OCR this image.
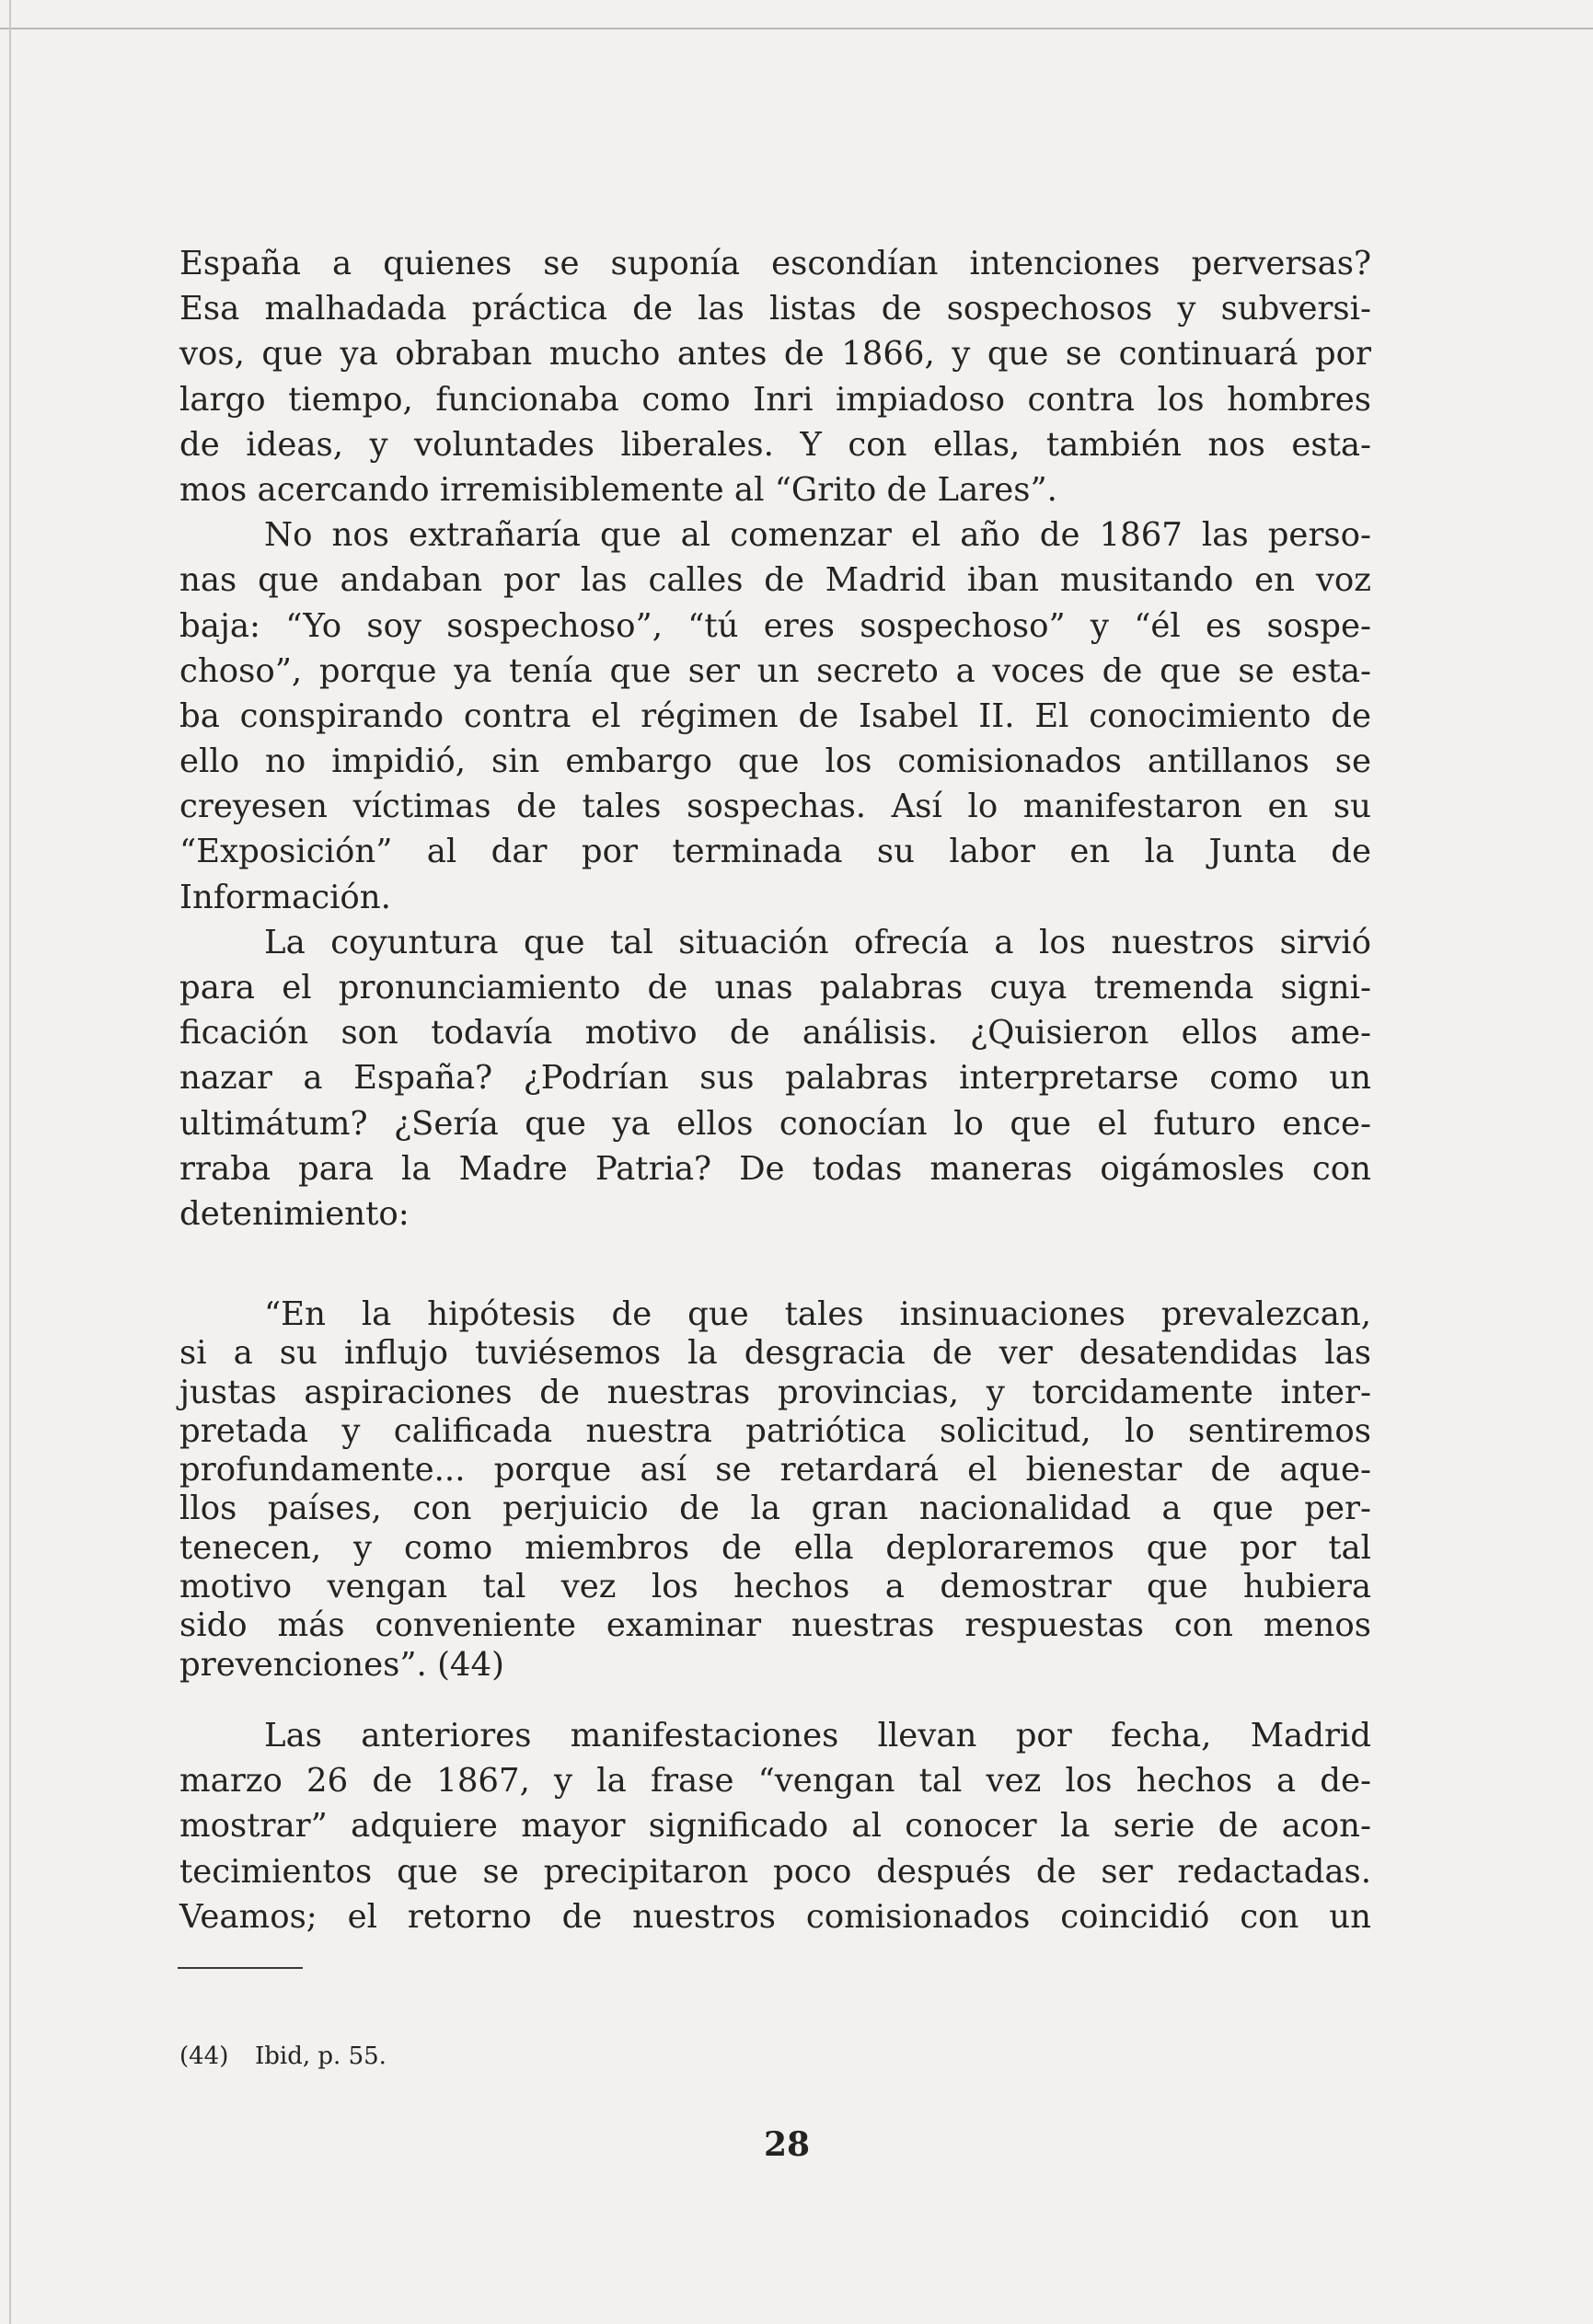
España a quienes se suponía escondían intenciones perversas?
Esa malhadada práctica de las listas de sospechosos y subversi-
vos, que ya obraban mucho antes de 1866, y que se continuará por
largo tiempo, funcionaba como Inri impiadoso contra los hombres
de ideas, y voluntades liberales. Y con ellas, también nos esta-
mos acercando irremisiblemente al “Grito de Lares”.
No nos extrañaría que al comenzar el año de 1867 las perso-
nas que andaban por las calles de Madrid iban musitando en voz
baja: “Yo soy sospechoso”, “tú eres sospechoso” y “él es sospe-
choso”, porque ya tenía que ser un secreto a voces de que se esta-
ba conspirando contra el régimen de Isabel II. El conocimiento de
ello no impidió, sin embargo que los comisionados antillanos se
creyesen víctimas de tales sospechas. Así lo manifestaron en su
“Exposición” al dar por terminada su labor en la Junta de
Información.
La coyuntura que tal situación ofrecía a los nuestros sirvió
para el pronunciamiento de unas palabras cuya tremenda signi-
ficación son todavía motivo de análisis. ¿Quisieron ellos ame-
nazar a España? ¿Podrían sus palabras interpretarse como un
ultimátum? ¿Sería que ya ellos conocían lo que el futuro ence-
rraba para la Madre Patria? De todas maneras oigámosles con
detenimiento:
“En la hipótesis de que tales insinuaciones prevalezcan,
si a su influjo tuviésemos la desgracia de ver desatendidas las
justas aspiraciones de nuestras provincias, y torcidamente inter-
pretada y calificada nuestra patriótica solicitud, lo sentiremos
profundamente... porque así se retardará el bienestar de aque-
llos países, con perjuicio de la gran nacionalidad a que per-
tenecen, y como miembros de ella deploraremos que por tal
motivo vengan tal vez los hechos a demostrar que hubiera
sido más conveniente examinar nuestras respuestas con menos
prevenciones”. (44)
Las anteriores manifestaciones llevan por fecha, Madrid
marzo 26 de 1867, y la frase “vengan tal vez los hechos a de-
mostrar” adquiere mayor significado al conocer la serie de acon-
tecimientos que se precipitaron poco después de ser redactadas.
Veamos; el retorno de nuestros comisionados coincidió con un
(44) Ibid, p. 55.
28
